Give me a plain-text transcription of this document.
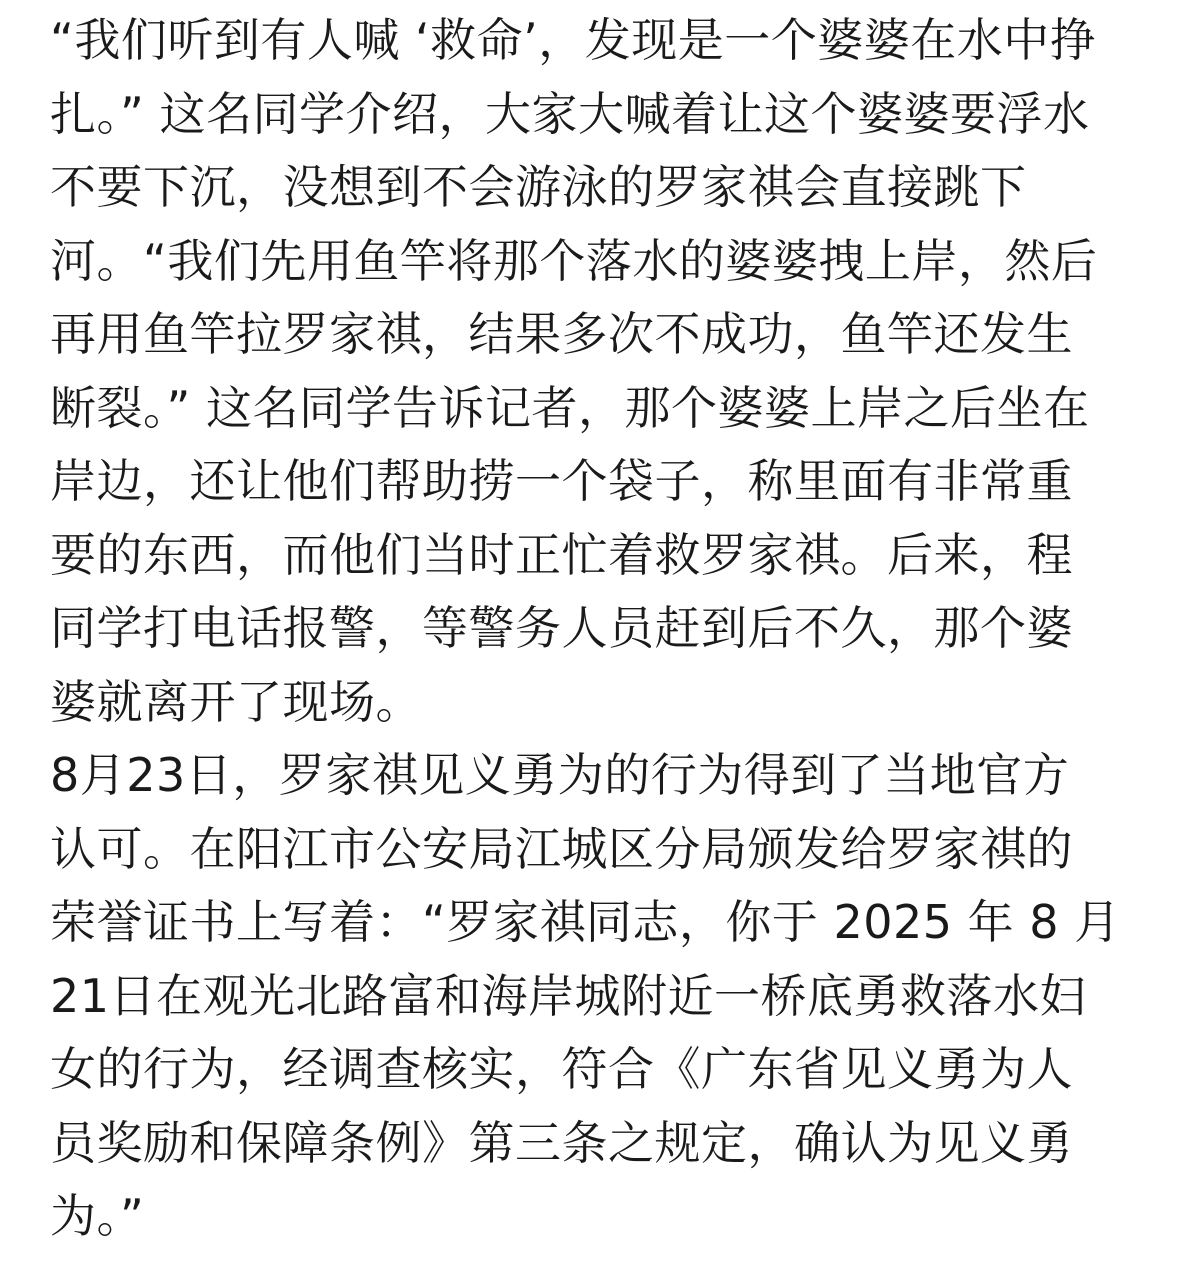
“我们听到有人喊 ‘救命’，发现是一个婆婆在水中挣
扎。” 这名同学介绍，大家大喊着让这个婆婆要浮水
不要下沉，没想到不会游泳的罗家祺会直接跳下
河。“我们先用鱼竿将那个落水的婆婆拽上岸，然后
再用鱼竿拉罗家祺，结果多次不成功，鱼竿还发生
断裂。” 这名同学告诉记者，那个婆婆上岸之后坐在
岸边，还让他们帮助捞一个袋子，称里面有非常重
要的东西，而他们当时正忙着救罗家祺。后来，程
同学打电话报警，等警务人员赶到后不久，那个婆
婆就离开了现场。
8月23日，罗家祺见义勇为的行为得到了当地官方
认可。在阳江市公安局江城区分局颁发给罗家祺的
荣誉证书上写着：“罗家祺同志，你于 2025 年 8 月
21日在观光北路富和海岸城附近一桥底勇救落水妇
女的行为，经调查核实，符合《广东省见义勇为人
员奖励和保障条例》第三条之规定，确认为见义勇
为。”
